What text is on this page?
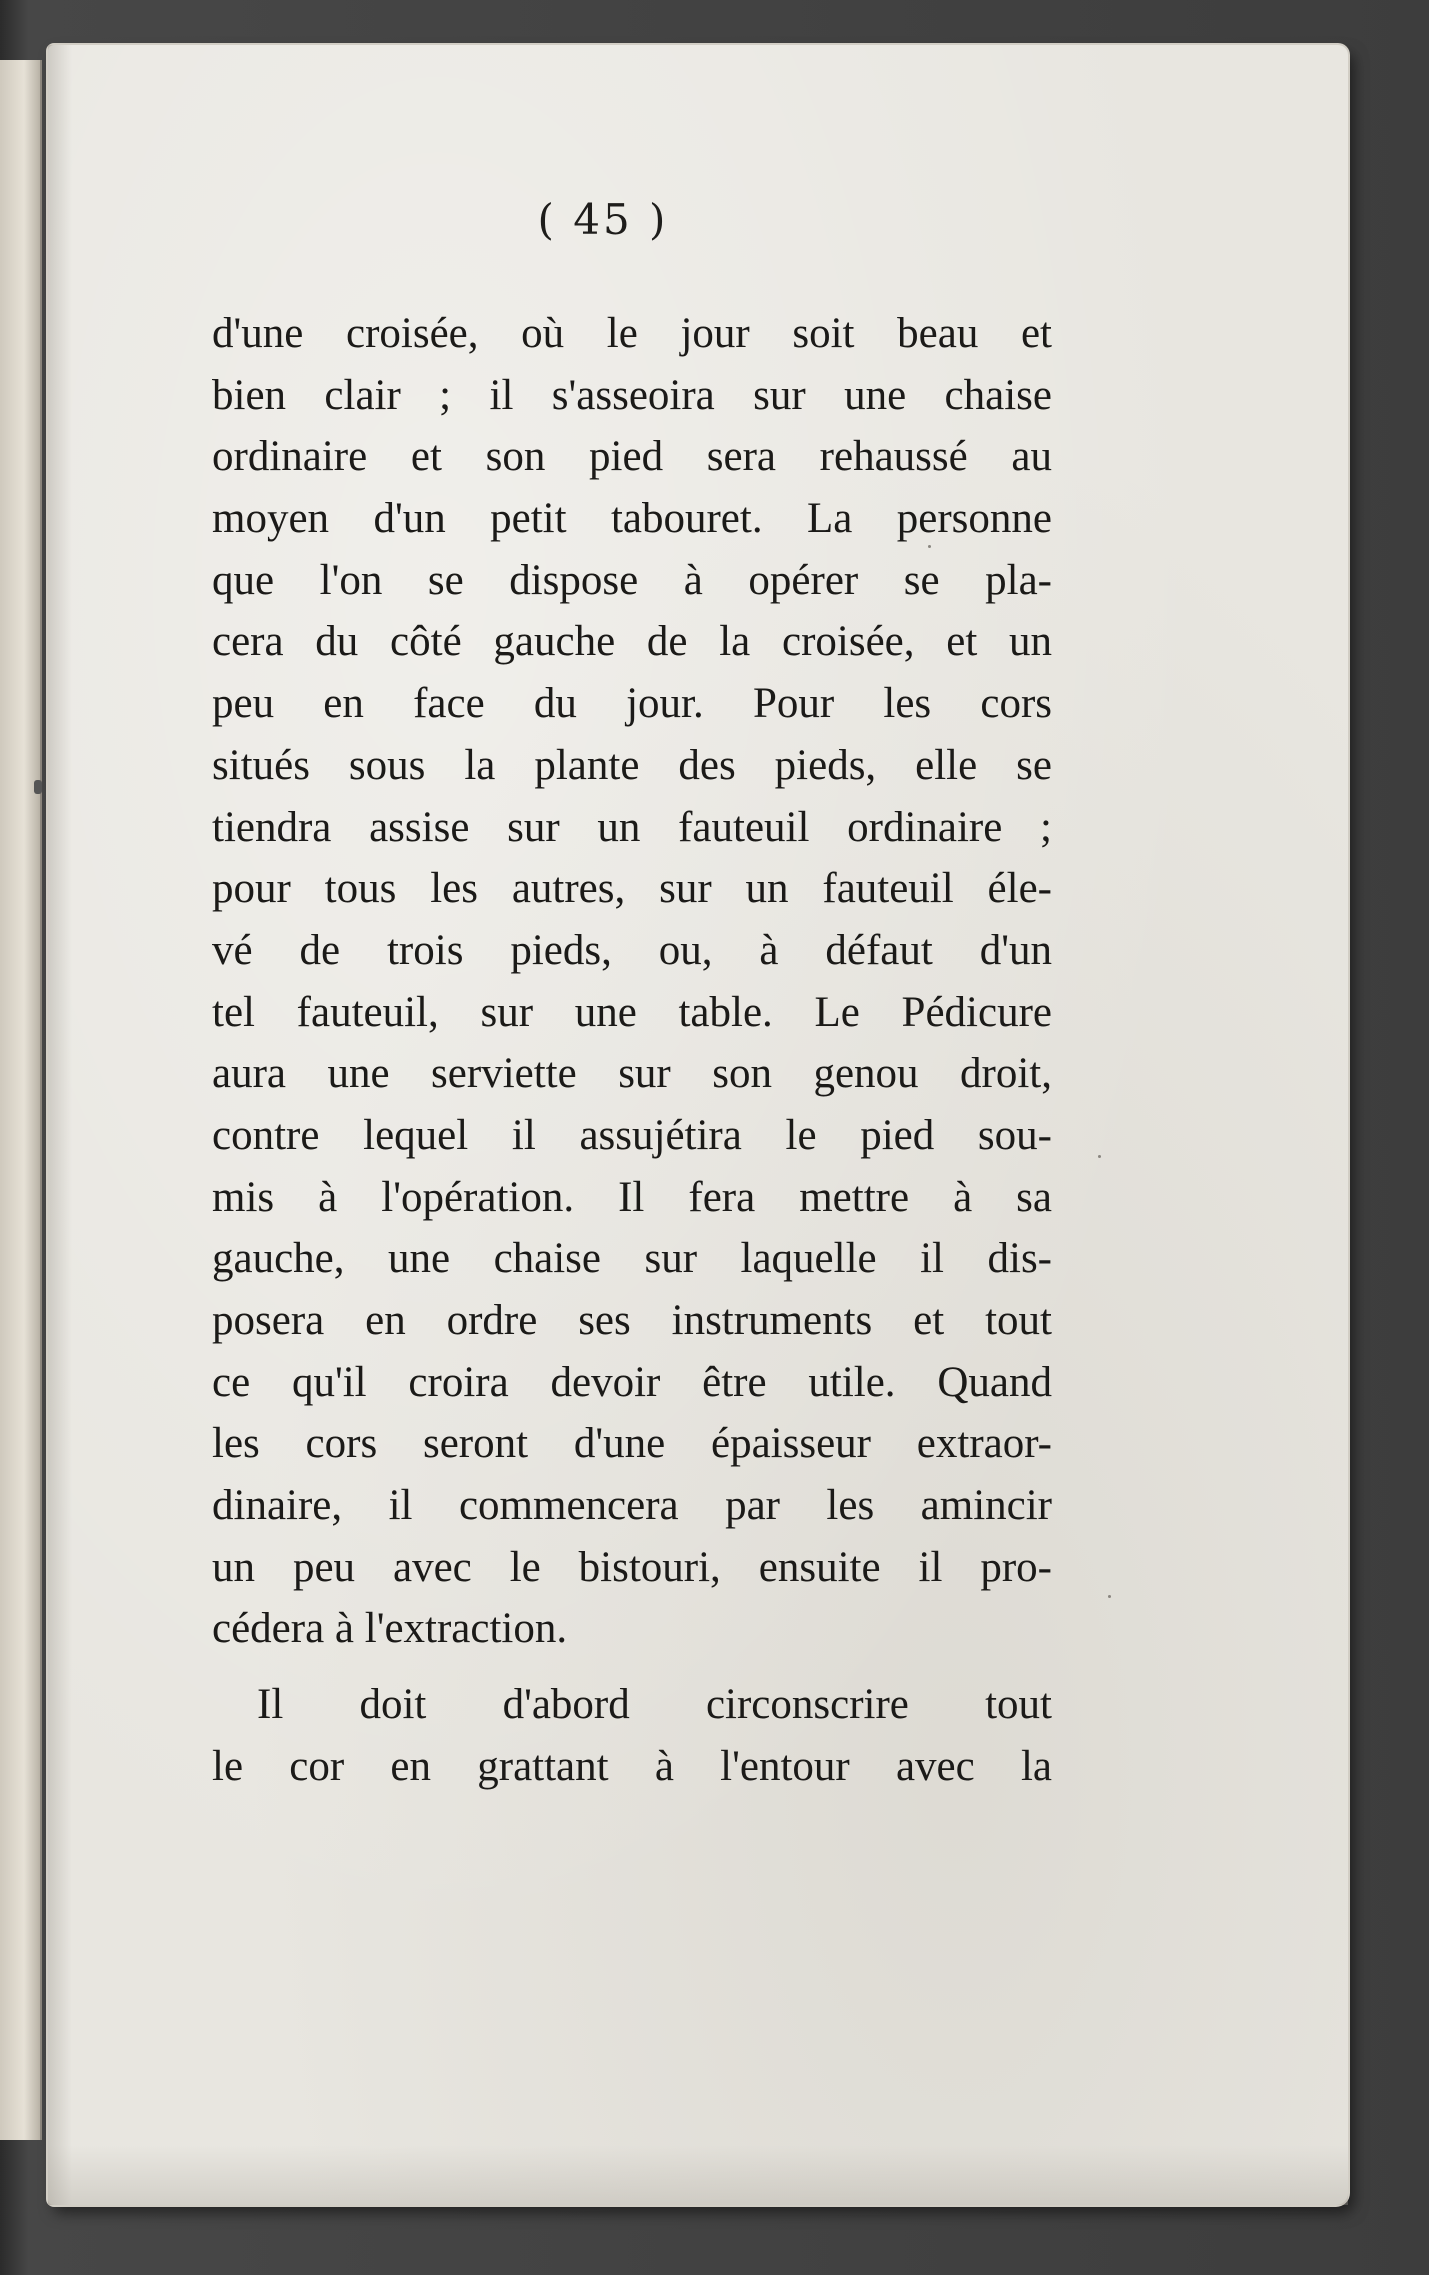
( 45 )
d'une croisée, où le jour soit beau et
bien clair ; il s'asseoira sur une chaise
ordinaire et son pied sera rehaussé au
moyen d'un petit tabouret. La personne
que l'on se dispose à opérer se pla-
cera du côté gauche de la croisée, et un
peu en face du jour. Pour les cors
situés sous la plante des pieds, elle se
tiendra assise sur un fauteuil ordinaire ;
pour tous les autres, sur un fauteuil éle-
vé de trois pieds, ou, à défaut d'un
tel fauteuil, sur une table. Le Pédicure
aura une serviette sur son genou droit,
contre lequel il assujétira le pied sou-
mis à l'opération. Il fera mettre à sa
gauche, une chaise sur laquelle il dis-
posera en ordre ses instruments et tout
ce qu'il croira devoir être utile. Quand
les cors seront d'une épaisseur extraor-
dinaire, il commencera par les amincir
un peu avec le bistouri, ensuite il pro-
cédera à l'extraction.
Il doit d'abord circonscrire tout
le cor en grattant à l'entour avec la
